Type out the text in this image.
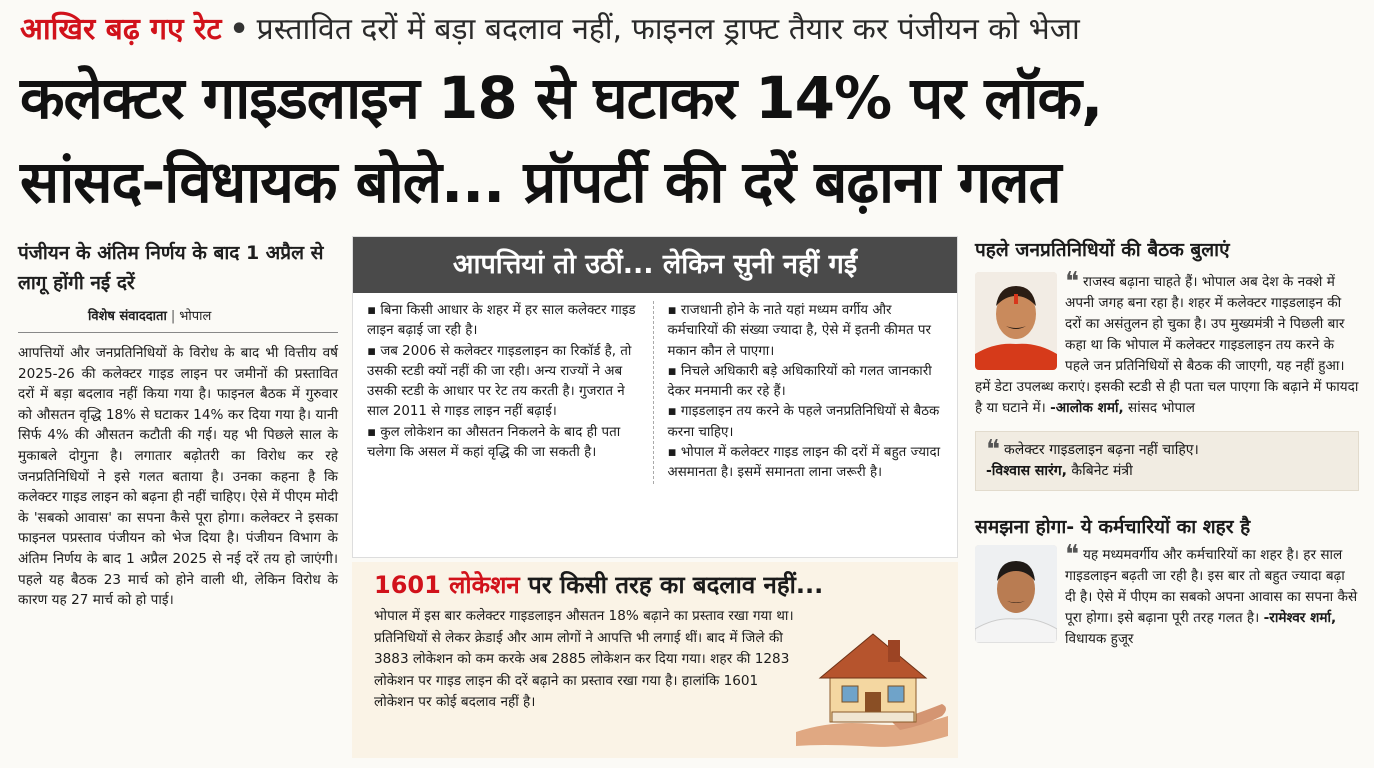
आखिर बढ़ गए रेट • प्रस्तावित दरों में बड़ा बदलाव नहीं, फाइनल ड्राफ्ट तैयार कर पंजीयन को भेजा
कलेक्टर गाइडलाइन 18 से घटाकर 14% पर लॉक,
सांसद-विधायक बोले... प्रॉपर्टी की दरें बढ़ाना गलत
पंजीयन के अंतिम निर्णय के बाद 1 अप्रैल से लागू होंगी नई दरें
विशेष संवाददाता | भोपाल

आपत्तियों और जनप्रतिनिधियों के विरोध के बाद भी वित्तीय वर्ष 2025-26 की कलेक्टर गाइड लाइन पर जमीनों की प्रस्तावित दरों में बड़ा बदलाव नहीं किया गया है। फाइनल बैठक में गुरुवार को औसतन वृद्धि 18% से घटाकर 14% कर दिया गया है। यानी सिर्फ 4% की औसतन कटौती की गई। यह भी पिछले साल के मुकाबले दोगुना है। लगातार बढ़ोतरी का विरोध कर रहे जनप्रतिनिधियों ने इसे गलत बताया है। उनका कहना है कि कलेक्टर गाइड लाइन को बढ़ना ही नहीं चाहिए। ऐसे में पीएम मोदी के 'सबको आवास' का सपना कैसे पूरा होगा। कलेक्टर ने इसका फाइनल पप्रस्ताव पंजीयन को भेज दिया है। पंजीयन विभाग के अंतिम निर्णय के बाद 1 अप्रैल 2025 से नई दरें तय हो जाएंगी। पहले यह बैठक 23 मार्च को होने वाली थी, लेकिन विरोध के कारण यह 27 मार्च को हो पाई।

आपत्तियां तो उठीं... लेकिन सुनी नहीं गईं

▪ बिना किसी आधार के शहर में हर साल कलेक्टर गाइड लाइन बढ़ाई जा रही है।

▪ जब 2006 से कलेक्टर गाइडलाइन का रिकॉर्ड है, तो उसकी स्टडी क्यों नहीं की जा रही। अन्य राज्यों ने अब उसकी स्टडी के आधार पर रेट तय करती है। गुजरात ने साल 2011 से गाइड लाइन नहीं बढ़ाई।

▪ कुल लोकेशन का औसतन निकलने के बाद ही पता चलेगा कि असल में कहां वृद्धि की जा सकती है।

▪ राजधानी होने के नाते यहां मध्यम वर्गीय और कर्मचारियों की संख्या ज्यादा है, ऐसे में इतनी कीमत पर मकान कौन ले पाएगा।

▪ निचले अधिकारी बड़े अधिकारियों को गलत जानकारी देकर मनमानी कर रहे हैं।

▪ गाइडलाइन तय करने के पहले जनप्रतिनिधियों से बैठक करना चाहिए।

▪ भोपाल में कलेक्टर गाइड लाइन की दरों में बहुत ज्यादा असमानता है। इसमें समानता लाना जरूरी है।

1601 लोकेशन पर किसी तरह का बदलाव नहीं...

भोपाल में इस बार कलेक्टर गाइडलाइन औसतन 18% बढ़ाने का प्रस्ताव रखा गया था। प्रतिनिधियों से लेकर क्रेडाई और आम लोगों ने आपत्ति भी लगाई थीं। बाद में जिले की 3883 लोकेशन को कम करके अब 2885 लोकेशन कर दिया गया। शहर की 1283 लोकेशन पर गाइड लाइन की दरें बढ़ाने का प्रस्ताव रखा गया है। हालांकि 1601 लोकेशन पर कोई बदलाव नहीं है।

पहले जनप्रतिनिधियों की बैठक बुलाएं

❝ राजस्व बढ़ाना चाहते हैं। भोपाल अब देश के नक्शे में अपनी जगह बना रहा है। शहर में कलेक्टर गाइडलाइन की दरों का असंतुलन हो चुका है। उप मुख्यमंत्री ने पिछली बार कहा था कि भोपाल में कलेक्टर गाइडलाइन तय करने के पहले जन प्रतिनिधियों से बैठक की जाएगी, यह नहीं हुआ। हमें डेटा उपलब्ध कराएं। इसकी स्टडी से ही पता चल पाएगा कि बढ़ाने में फायदा है या घटाने में। -आलोक शर्मा, सांसद भोपाल

❝ कलेक्टर गाइडलाइन बढ़ना नहीं चाहिए।
-विश्वास सारंग, कैबिनेट मंत्री
समझना होगा- ये कर्मचारियों का शहर है

❝ यह मध्यमवर्गीय और कर्मचारियों का शहर है। हर साल गाइडलाइन बढ़ती जा रही है। इस बार तो बहुत ज्यादा बढ़ा दी है। ऐसे में पीएम का सबको अपना आवास का सपना कैसे पूरा होगा। इसे बढ़ाना पूरी तरह गलत है। -रामेश्वर शर्मा, विधायक हुजूर
